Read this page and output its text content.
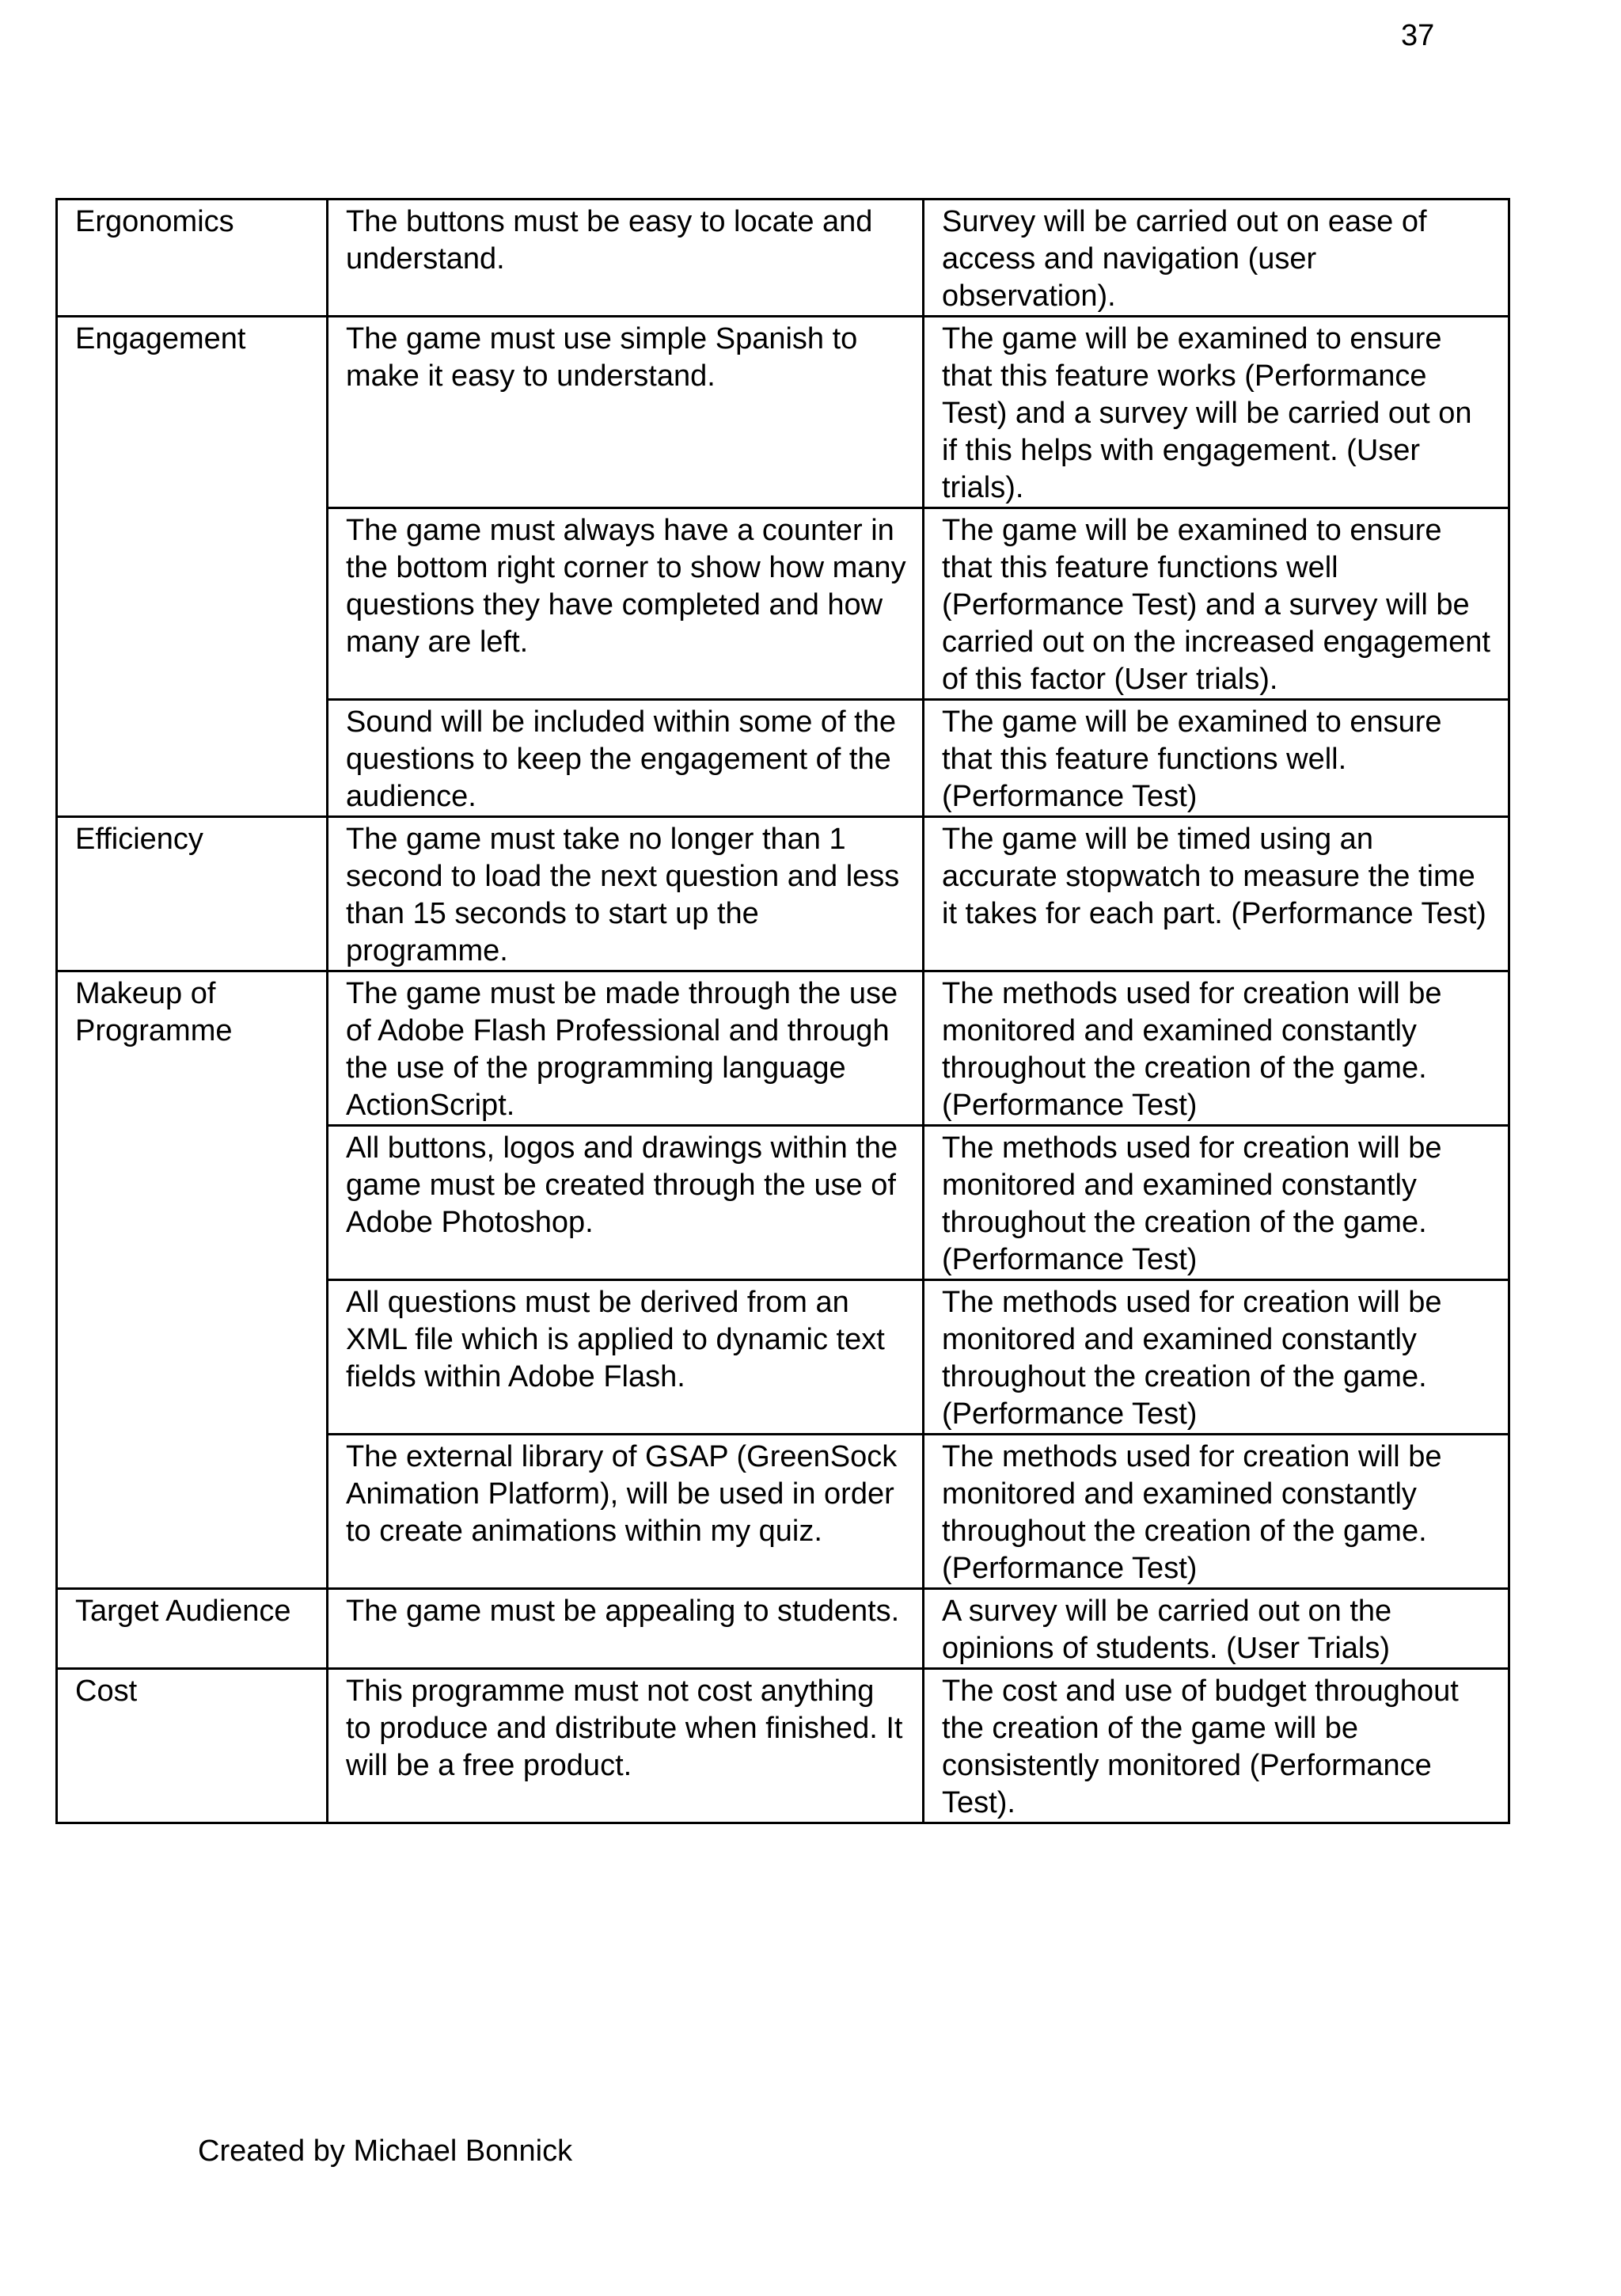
37
Ergonomics	The buttons must be easy to locate and understand.	Survey will be carried out on ease of access and navigation (user observation).
Engagement	The game must use simple Spanish to make it easy to understand.	The game will be examined to ensure that this feature works (Performance Test) and a survey will be carried out on if this helps with engagement. (User trials).
	The game must always have a counter in the bottom right corner to show how many questions they have completed and how many are left.	The game will be examined to ensure that this feature functions well (Performance Test) and a survey will be carried out on the increased engagement of this factor (User trials).
	Sound will be included within some of the questions to keep the engagement of the audience.	The game will be examined to ensure that this feature functions well. (Performance Test)
Efficiency	The game must take no longer than 1 second to load the next question and less than 15 seconds to start up the programme.	The game will be timed using an accurate stopwatch to measure the time it takes for each part. (Performance Test)
Makeup of Programme	The game must be made through the use of Adobe Flash Professional and through the use of the programming language ActionScript.	The methods used for creation will be monitored and examined constantly throughout the creation of the game. (Performance Test)
	All buttons, logos and drawings within the game must be created through the use of Adobe Photoshop.	The methods used for creation will be monitored and examined constantly throughout the creation of the game. (Performance Test)
	All questions must be derived from an XML file which is applied to dynamic text fields within Adobe Flash.	The methods used for creation will be monitored and examined constantly throughout the creation of the game. (Performance Test)
	The external library of GSAP (GreenSock Animation Platform), will be used in order to create animations within my quiz.	The methods used for creation will be monitored and examined constantly throughout the creation of the game. (Performance Test)
Target Audience	The game must be appealing to students.	A survey will be carried out on the opinions of students. (User Trials)
Cost	This programme must not cost anything to produce and distribute when finished. It will be a free product.	The cost and use of budget throughout the creation of the game will be consistently monitored (Performance Test).
Created by Michael Bonnick
